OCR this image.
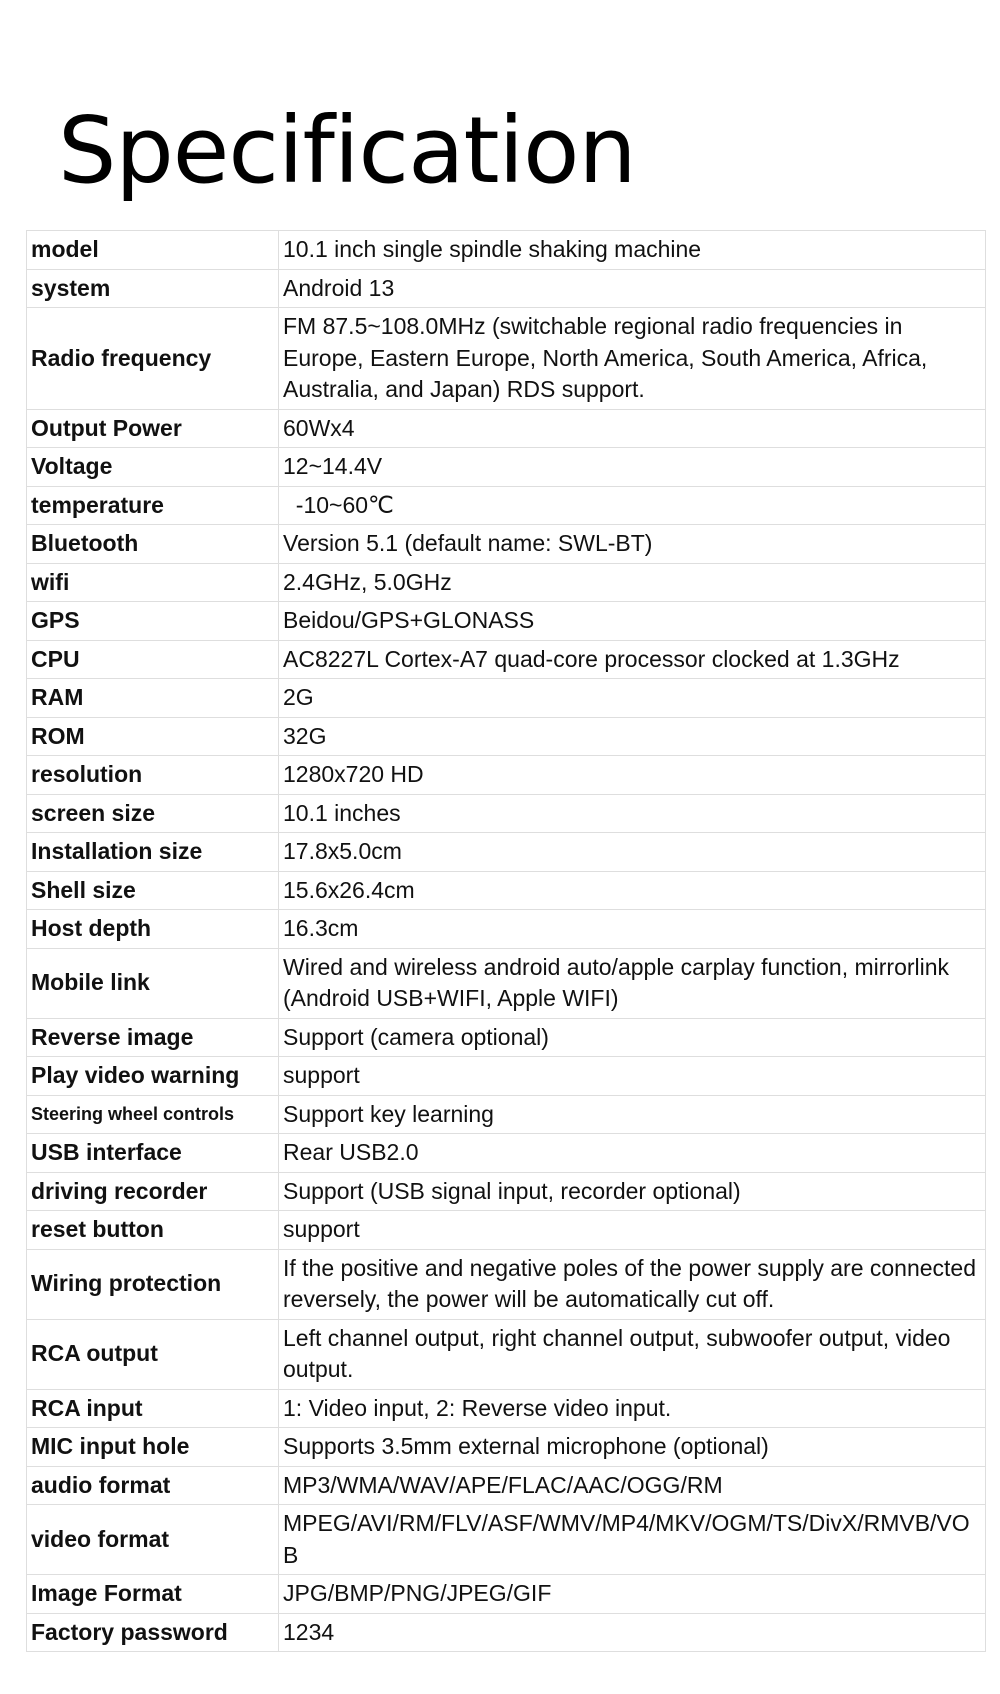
Specification
model	10.1 inch single spindle shaking machine
system	Android 13
Radio frequency	FM 87.5~108.0MHz (switchable regional radio frequencies in Europe, Eastern Europe, North America, South America, Africa, Australia, and Japan) RDS support.
Output Power	60Wx4
Voltage	12~14.4V
temperature	-10~60℃
Bluetooth	Version 5.1 (default name: SWL-BT)
wifi	2.4GHz, 5.0GHz
GPS	Beidou/GPS+GLONASS
CPU	AC8227L Cortex-A7 quad-core processor clocked at 1.3GHz
RAM	2G
ROM	32G
resolution	1280x720 HD
screen size	10.1 inches
Installation size	17.8x5.0cm
Shell size	15.6x26.4cm
Host depth	16.3cm
Mobile link	Wired and wireless android auto/apple carplay function, mirrorlink (Android USB+WIFI, Apple WIFI)
Reverse image	Support (camera optional)
Play video warning	support
Steering wheel controls	Support key learning
USB interface	Rear USB2.0
driving recorder	Support (USB signal input, recorder optional)
reset button	support
Wiring protection	If the positive and negative poles of the power supply are connected reversely, the power will be automatically cut off.
RCA output	Left channel output, right channel output, subwoofer output, video output.
RCA input	1: Video input, 2: Reverse video input.
MIC input hole	Supports 3.5mm external microphone (optional)
audio format	MP3/WMA/WAV/APE/FLAC/AAC/OGG/RM
video format	MPEG/AVI/RM/FLV/ASF/WMV/MP4/MKV/OGM/TS/DivX/RMVB/VOB
Image Format	JPG/BMP/PNG/JPEG/GIF
Factory password	1234
